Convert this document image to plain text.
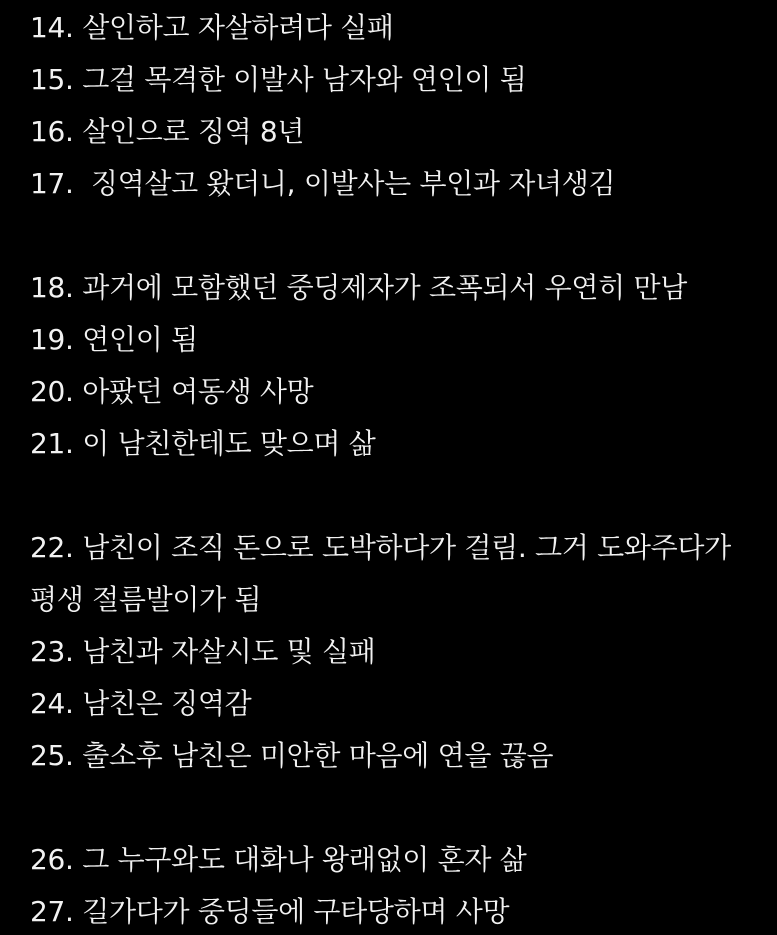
14. 살인하고 자살하려다 실패
15. 그걸 목격한 이발사 남자와 연인이 됨
16. 살인으로 징역 8년
17.  징역살고 왔더니, 이발사는 부인과 자녀생김
18. 과거에 모함했던 중딩제자가 조폭되서 우연히 만남
19. 연인이 됨
20. 아팠던 여동생 사망
21. 이 남친한테도 맞으며 삶
22. 남친이 조직 돈으로 도박하다가 걸림. 그거 도와주다가 평생 절름발이가 됨
23. 남친과 자살시도 및 실패
24. 남친은 징역감
25. 출소후 남친은 미안한 마음에 연을 끊음
26. 그 누구와도 대화나 왕래없이 혼자 삶
27. 길가다가 중딩들에 구타당하며 사망
